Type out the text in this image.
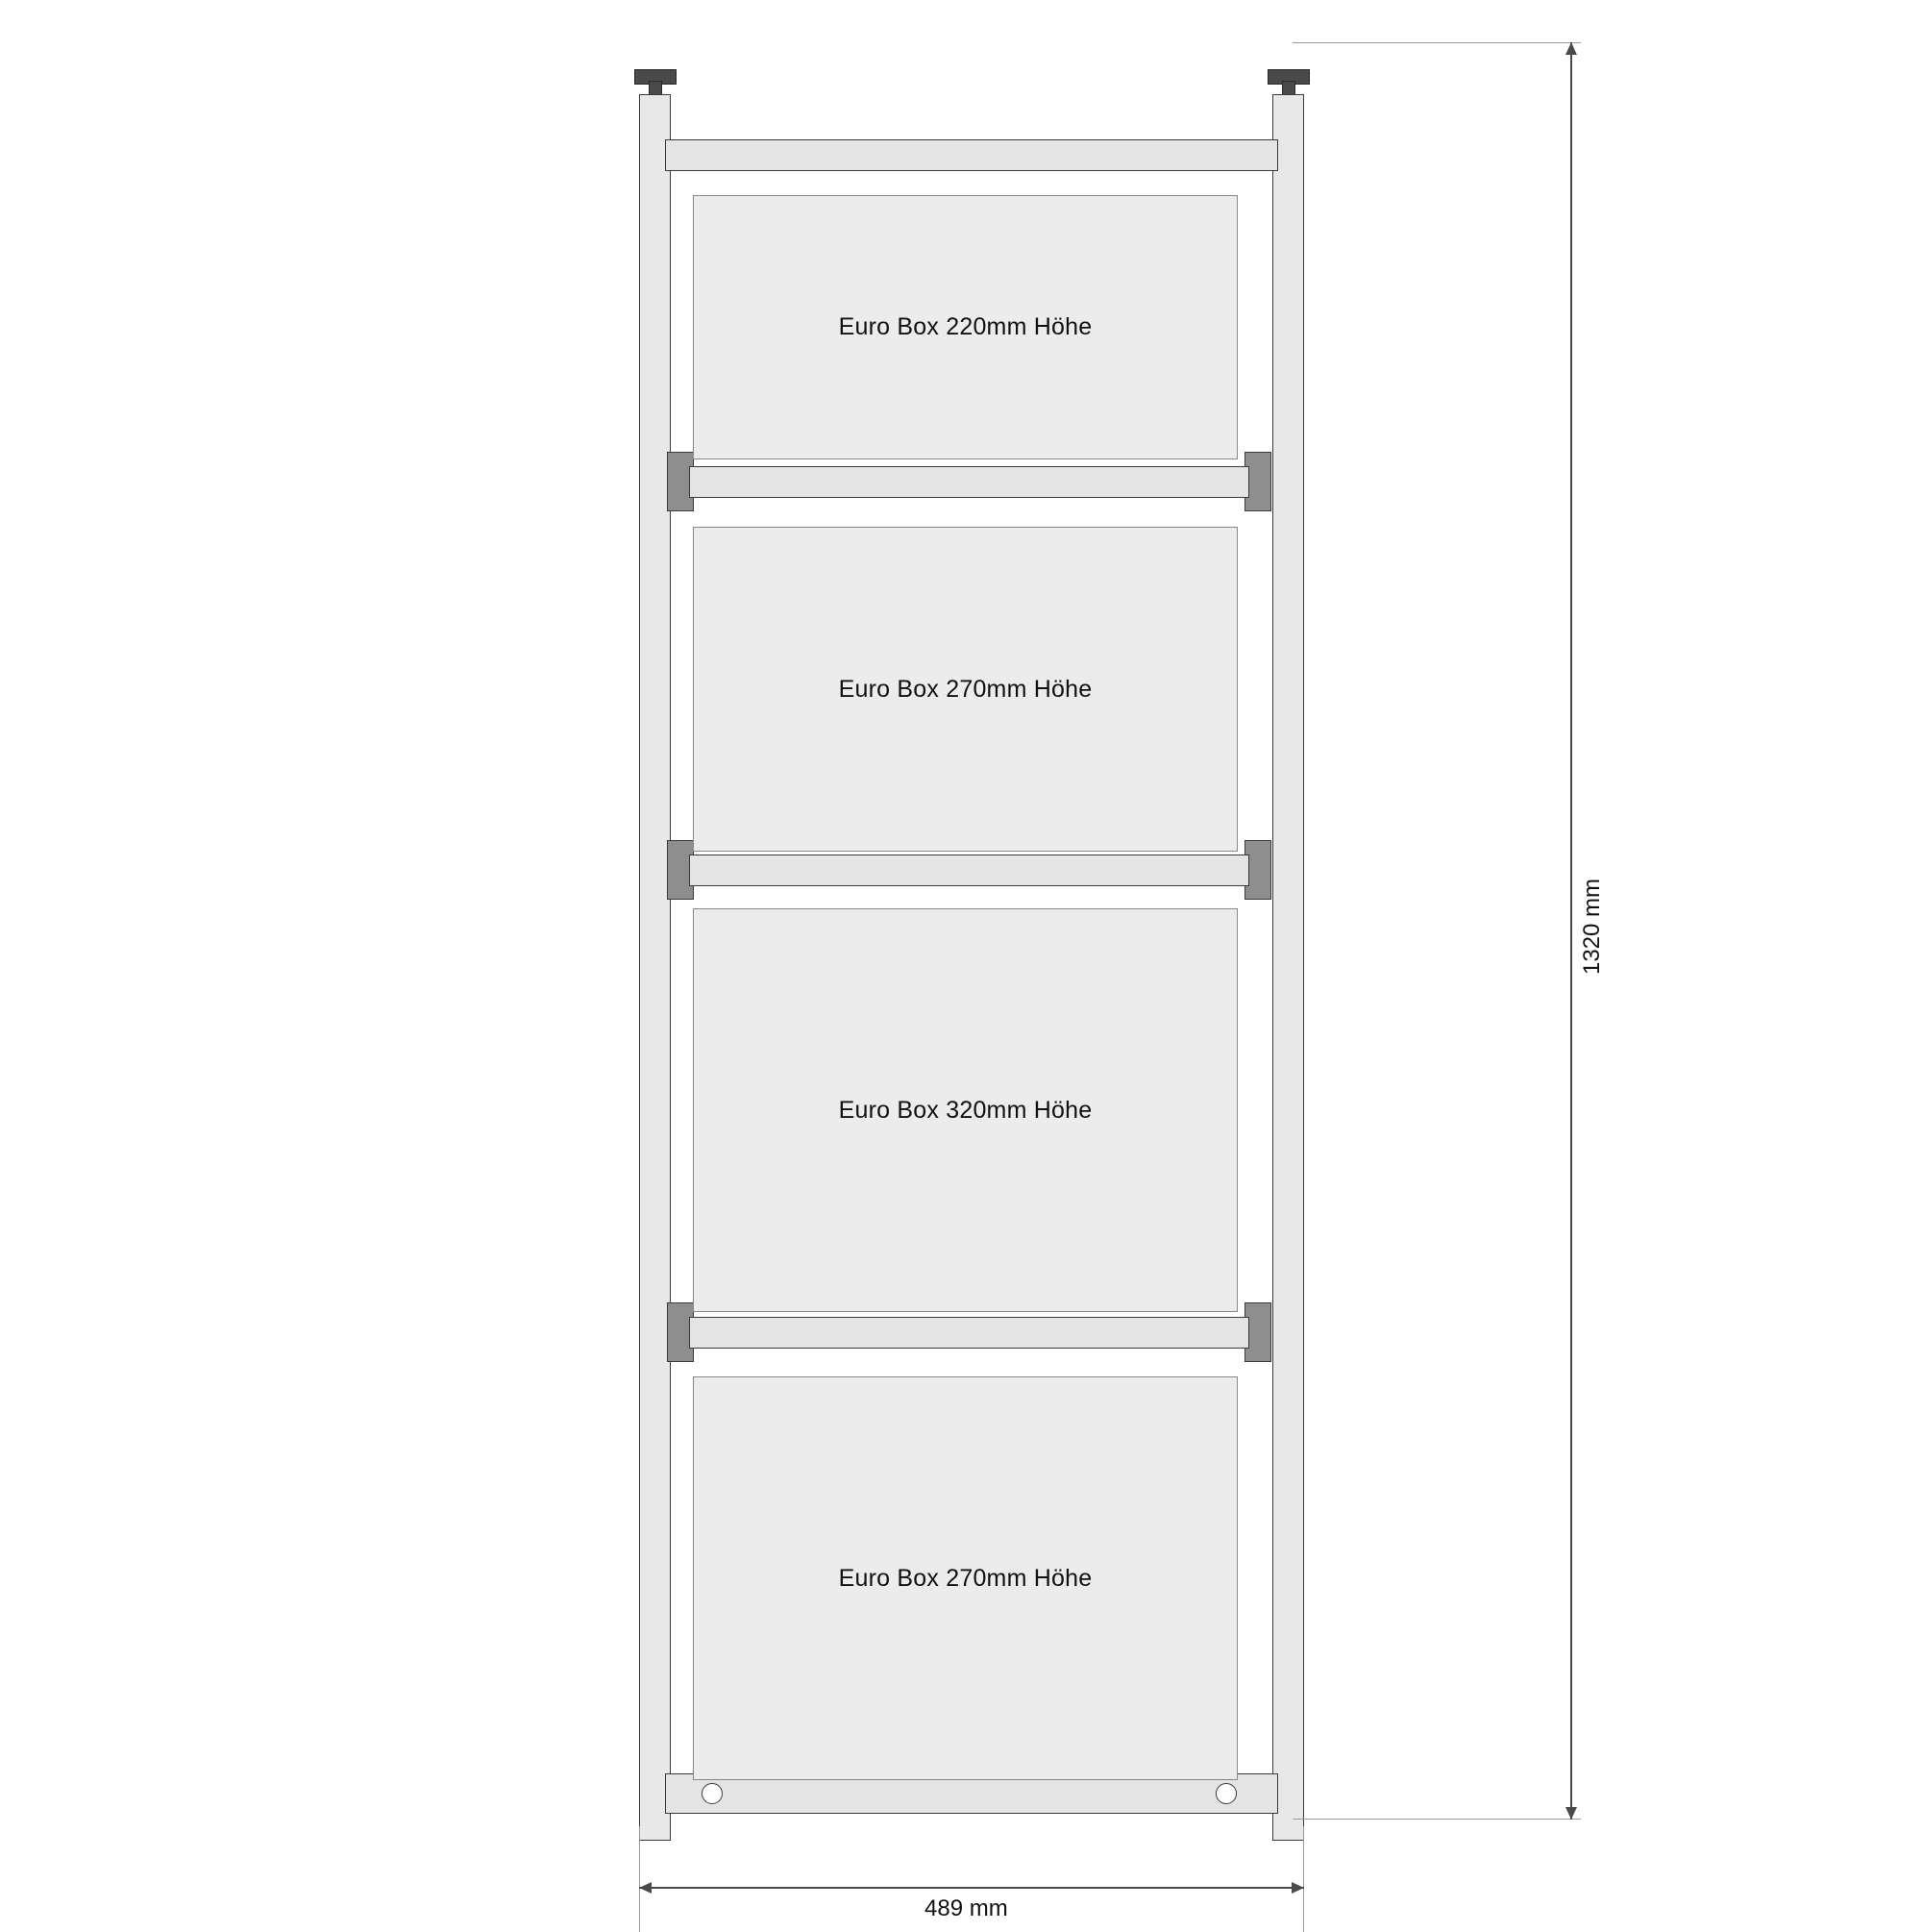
Euro Box 220mm Höhe
Euro Box 270mm Höhe
Euro Box 320mm Höhe
Euro Box 270mm Höhe
1320 mm
489 mm
